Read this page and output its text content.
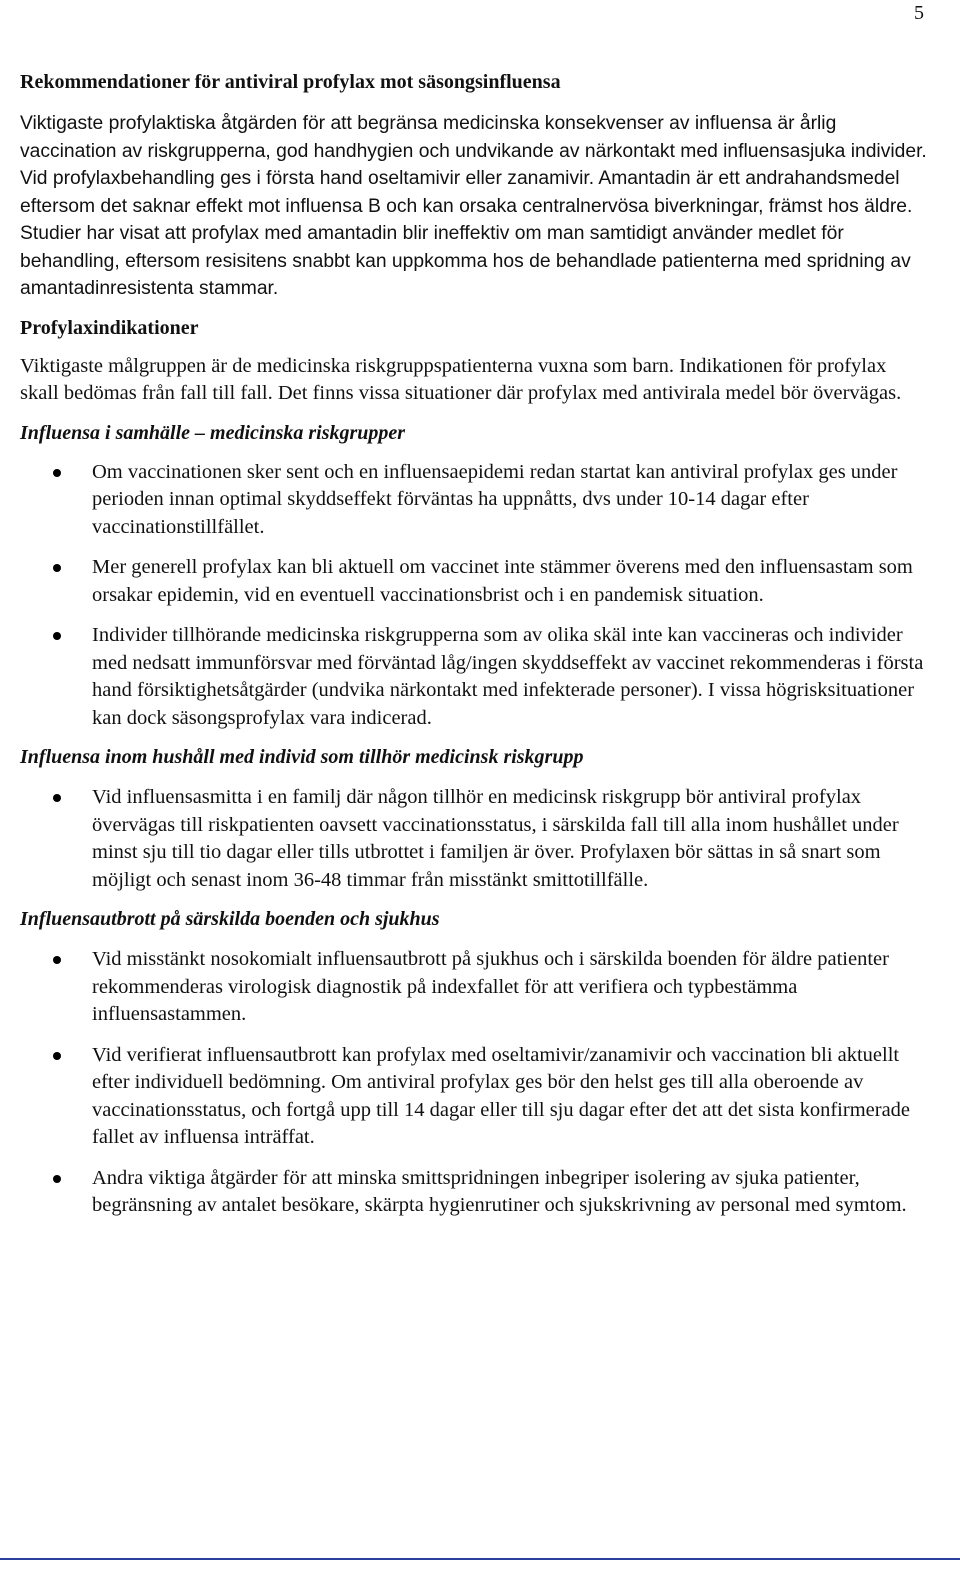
5
Rekommendationer för antiviral profylax mot säsongsinfluensa

Viktigaste profylaktiska åtgärden för att begränsa medicinska konsekvenser av influensa är årlig vaccination av riskgrupperna, god handhygien och undvikande av närkontakt med influensasjuka individer. Vid profylaxbehandling ges i första hand oseltamivir eller zanamivir. Amantadin är ett andrahandsmedel eftersom det saknar effekt mot influensa B och kan orsaka centralnervösa biverkningar, främst hos äldre. Studier har visat att profylax med amantadin blir ineffektiv om man samtidigt använder medlet för behandling, eftersom resisitens snabbt kan uppkomma hos de behandlade patienterna med spridning av amantadinresistenta stammar.

Profylaxindikationer

Viktigaste målgruppen är de medicinska riskgruppspatienterna vuxna som barn. Indikationen för profylax skall bedömas från fall till fall. Det finns vissa situationer där profylax med antivirala medel bör övervägas.

Influensa i samhälle – medicinska riskgrupper
Om vaccinationen sker sent och en influensaepidemi redan startat kan antiviral profylax ges under perioden innan optimal skyddseffekt förväntas ha uppnåtts, dvs under 10-14 dagar efter vaccinationstillfället.
Mer generell profylax kan bli aktuell om vaccinet inte stämmer överens med den influensastam som orsakar epidemin, vid en eventuell vaccinationsbrist och i en pandemisk situation.
Individer tillhörande medicinska riskgrupperna som av olika skäl inte kan vaccineras och individer med nedsatt immunförsvar med förväntad låg/ingen skyddseffekt av vaccinet rekommenderas i första hand försiktighetsåtgärder (undvika närkontakt med infekterade personer). I vissa högrisksituationer kan dock säsongsprofylax vara indicerad.
Influensa inom hushåll med individ som tillhör medicinsk riskgrupp
Vid influensasmitta i en familj där någon tillhör en medicinsk riskgrupp bör antiviral profylax övervägas till riskpatienten oavsett vaccinationsstatus, i särskilda fall till alla inom hushållet under minst sju till tio dagar eller tills utbrottet i familjen är över. Profylaxen bör sättas in så snart som möjligt och senast inom 36-48 timmar från misstänkt smittotillfälle.
Influensautbrott på särskilda boenden och sjukhus
Vid misstänkt nosokomialt influensautbrott på sjukhus och i särskilda boenden för äldre patienter rekommenderas virologisk diagnostik på indexfallet för att verifiera och typbestämma influensastammen.
Vid verifierat influensautbrott kan profylax med oseltamivir/zanamivir och vaccination bli aktuellt efter individuell bedömning. Om antiviral profylax ges bör den helst ges till alla oberoende av vaccinationsstatus, och fortgå upp till 14 dagar eller till sju dagar efter det att det sista konfirmerade fallet av influensa inträffat.
Andra viktiga åtgärder för att minska smittspridningen inbegriper isolering av sjuka patienter, begränsning av antalet besökare, skärpta hygienrutiner och sjukskrivning av personal med symtom.
